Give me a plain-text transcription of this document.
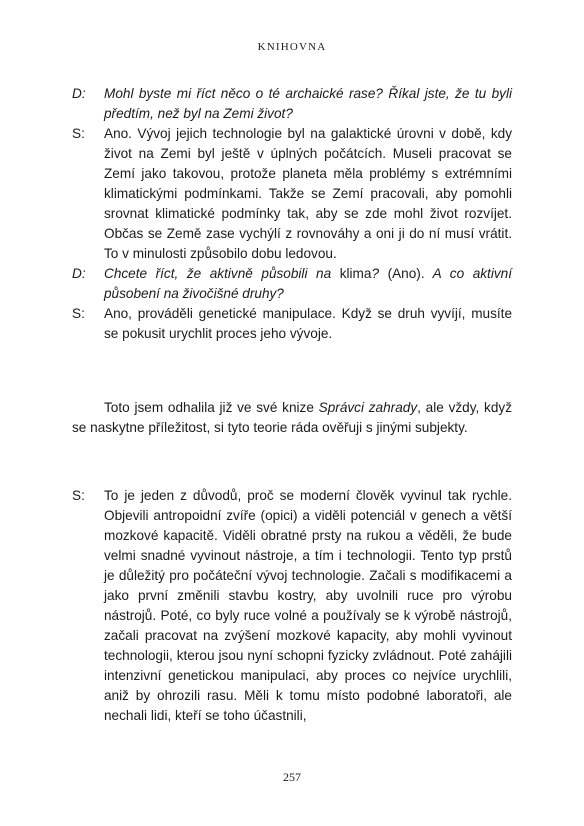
KNIHOVNA
D: Mohl byste mi říct něco o té archaické rase? Říkal jste, že tu byli předtím, než byl na Zemi život?
S: Ano. Vývoj jejich technologie byl na galaktické úrovni v době, kdy život na Zemi byl ještě v úplných počátcích. Museli pracovat se Zemí jako takovou, protože planeta měla problémy s extrémními klimatickými podmínkami. Takže se Zemí pracovali, aby pomohli srovnat klimatické podmínky tak, aby se zde mohl život rozvíjet. Občas se Země zase vychýlí z rovnováhy a oni ji do ní musí vrátit. To v minulosti způsobilo dobu ledovou.
D: Chcete říct, že aktivně působili na klima? (Ano). A co aktivní působení na živočišné druhy?
S: Ano, prováděli genetické manipulace. Když se druh vyvíjí, musíte se pokusit urychlit proces jeho vývoje.
Toto jsem odhalila již ve své knize Správci zahrady, ale vždy, když se naskytne příležitost, si tyto teorie ráda ověřuji s jinými subjekty.
S: To je jeden z důvodů, proč se moderní člověk vyvinul tak rychle. Objevili antropoidní zvíře (opici) a viděli potenciál v genech a větší mozkové kapacitě. Viděli obratné prsty na rukou a věděli, že bude velmi snadné vyvinout nástroje, a tím i technologii. Tento typ prstů je důležitý pro počáteční vývoj technologie. Začali s modifikacemi a jako první změnili stavbu kostry, aby uvolnili ruce pro výrobu nástrojů. Poté, co byly ruce volné a používaly se k výrobě nástrojů, začali pracovat na zvýšení mozkové kapacity, aby mohli vyvinout technologii, kterou jsou nyní schopni fyzicky zvládnout. Poté zahájili intenzivní genetickou manipulaci, aby proces co nejvíce urychlili, aniž by ohrozili rasu. Měli k tomu místo podobné laboratoři, ale nechali lidi, kteří se toho účastnili,
257
